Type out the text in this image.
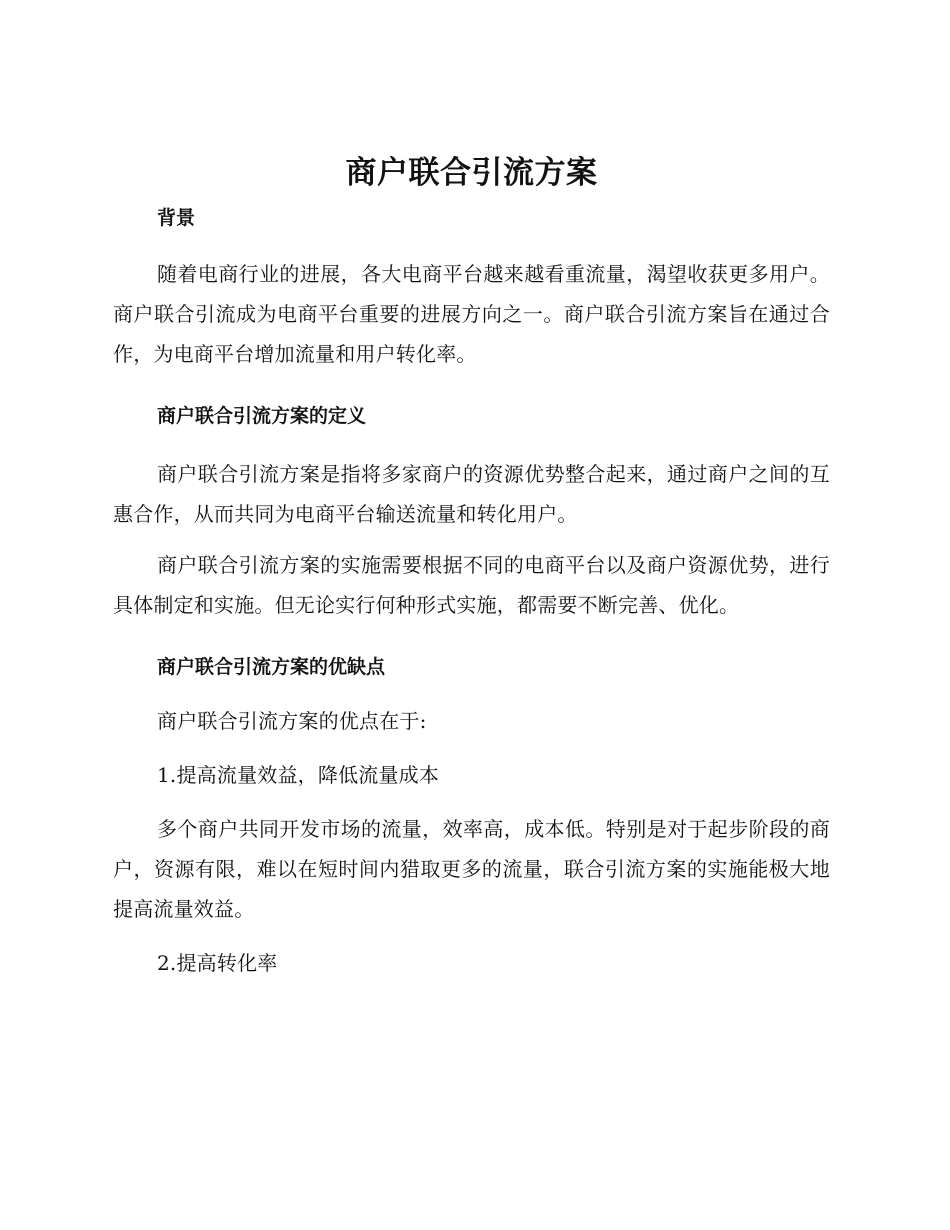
商户联合引流方案
背景

随着电商行业的进展，各大电商平台越来越看重流量，渴望收获更多用户。商户联合引流成为电商平台重要的进展方向之一。商户联合引流方案旨在通过合作，为电商平台增加流量和用户转化率。

商户联合引流方案的定义

商户联合引流方案是指将多家商户的资源优势整合起来，通过商户之间的互惠合作，从而共同为电商平台输送流量和转化用户。

商户联合引流方案的实施需要根据不同的电商平台以及商户资源优势，进行具体制定和实施。但无论实行何种形式实施，都需要不断完善、优化。

商户联合引流方案的优缺点

商户联合引流方案的优点在于:

1.提高流量效益，降低流量成本

多个商户共同开发市场的流量，效率高，成本低。特别是对于起步阶段的商户，资源有限，难以在短时间内猎取更多的流量，联合引流方案的实施能极大地提高流量效益。

2.提高转化率
